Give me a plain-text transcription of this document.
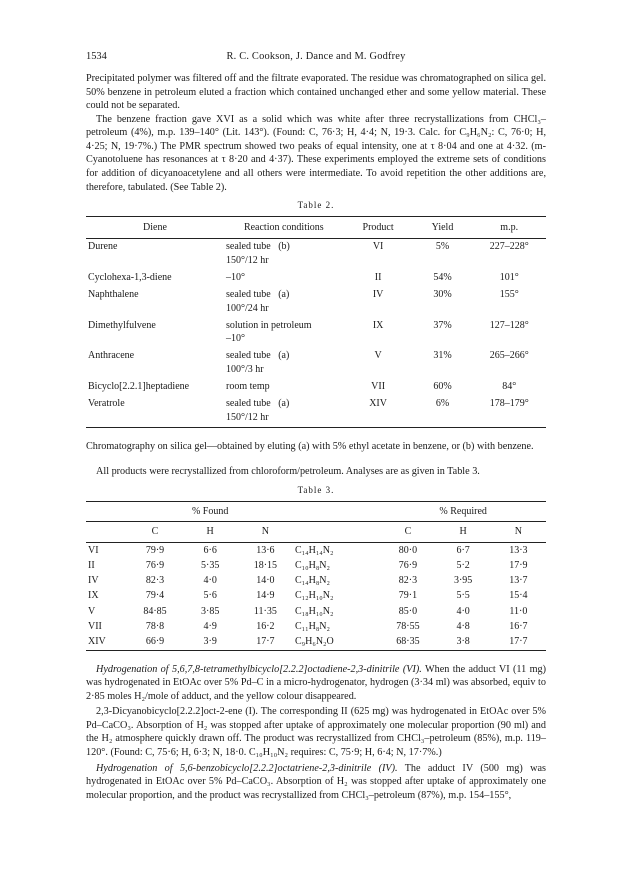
1534	R. C. Cookson, J. Dance and M. Godfrey

Precipitated polymer was filtered off and the filtrate evaporated. The residue was chromatographed on silica gel. 50% benzene in petroleum eluted a fraction which contained unchanged ether and some yellow material. These could not be separated.

The benzene fraction gave XVI as a solid which was white after three recrystallizations from CHCl₃–petroleum (4%), m.p. 139–140° (Lit. 143°). (Found: C, 76·3; H, 4·4; N, 19·3. Calc. for C₉H₆N₂: C, 76·0; H, 4·25; N, 19·7%.) The PMR spectrum showed two peaks of equal intensity, one at τ 8·04 and one at 4·32. (m-Cyanotoluene has resonances at τ 8·20 and 4·37). These experiments employed the extreme sets of conditions for addition of dicyanoacetylene and all others were intermediate. To avoid repetition the other additions are, therefore, tabulated. (See Table 2).

Table 2.
Diene	Reaction conditions	Product	Yield	m.p.
Durene	sealed tube   (b)
150°/12 hr	VI	5%	227–228°
Cyclohexa-1,3-diene	–10°	II	54%	101°
Naphthalene	sealed tube   (a)
100°/24 hr	IV	30%	155°
Dimethylfulvene	solution in petroleum
–10°	IX	37%	127–128°
Anthracene	sealed tube   (a)
100°/3 hr	V	31%	265–266°
Bicyclo[2.2.1]heptadiene	room temp	VII	60%	84°
Veratrole	sealed tube   (a)
150°/12 hr	XIV	6%	178–179°

Chromatography on silica gel—obtained by eluting (a) with 5% ethyl acetate in benzene, or (b) with benzene.

All products were recrystallized from chloroform/petroleum. Analyses are as given in Table 3.

Table 3.
	% Found				% Required		
	C	H	N		C	H	N
VI	79·9	6·6	13·6	C₁₄H₁₄N₂	80·0	6·7	13·3
II	76·9	5·35	18·15	C₁₀H₈N₂	76·9	5·2	17·9
IV	82·3	4·0	14·0	C₁₄H₈N₂	82·3	3·95	13·7
IX	79·4	5·6	14·9	C₁₂H₁₀N₂	79·1	5·5	15·4
V	84·85	3·85	11·35	C₁₈H₁₀N₂	85·0	4·0	11·0
VII	78·8	4·9	16·2	C₁₁H₈N₂	78·55	4·8	16·7
XIV	66·9	3·9	17·7	C₉H₆N₂O	68·35	3·8	17·7

Hydrogenation of 5,6,7,8-tetramethylbicyclo[2.2.2]octadiene-2,3-dinitrile (VI). When the adduct VI (11 mg) was hydrogenated in EtOAc over 5% Pd–C in a micro-hydrogenator, hydrogen (3·34 ml) was absorbed, equiv to 2·85 moles H₂/mole of adduct, and the yellow colour disappeared.

2,3-Dicyanobicyclo[2.2.2]oct-2-ene (I). The corresponding II (625 mg) was hydrogenated in EtOAc over 5% Pd–CaCO₃. Absorption of H₂ was stopped after uptake of approximately one molecular proportion (90 ml) and the H₂ atmosphere quickly drawn off. The product was recrystallized from CHCl₃–petroleum (85%), m.p. 119–120°. (Found: C, 75·6; H, 6·3; N, 18·0. C₁₀H₁₀N₂ requires: C, 75·9; H, 6·4; N, 17·7%.)

Hydrogenation of 5,6-benzobicyclo[2.2.2]octatriene-2,3-dinitrile (IV). The adduct IV (500 mg) was hydrogenated in EtOAc over 5% Pd–CaCO₃. Absorption of H₂ was stopped after uptake of approximately one molecular proportion, and the product was recrystallized from CHCl₃–petroleum (87%), m.p. 154–155°,
